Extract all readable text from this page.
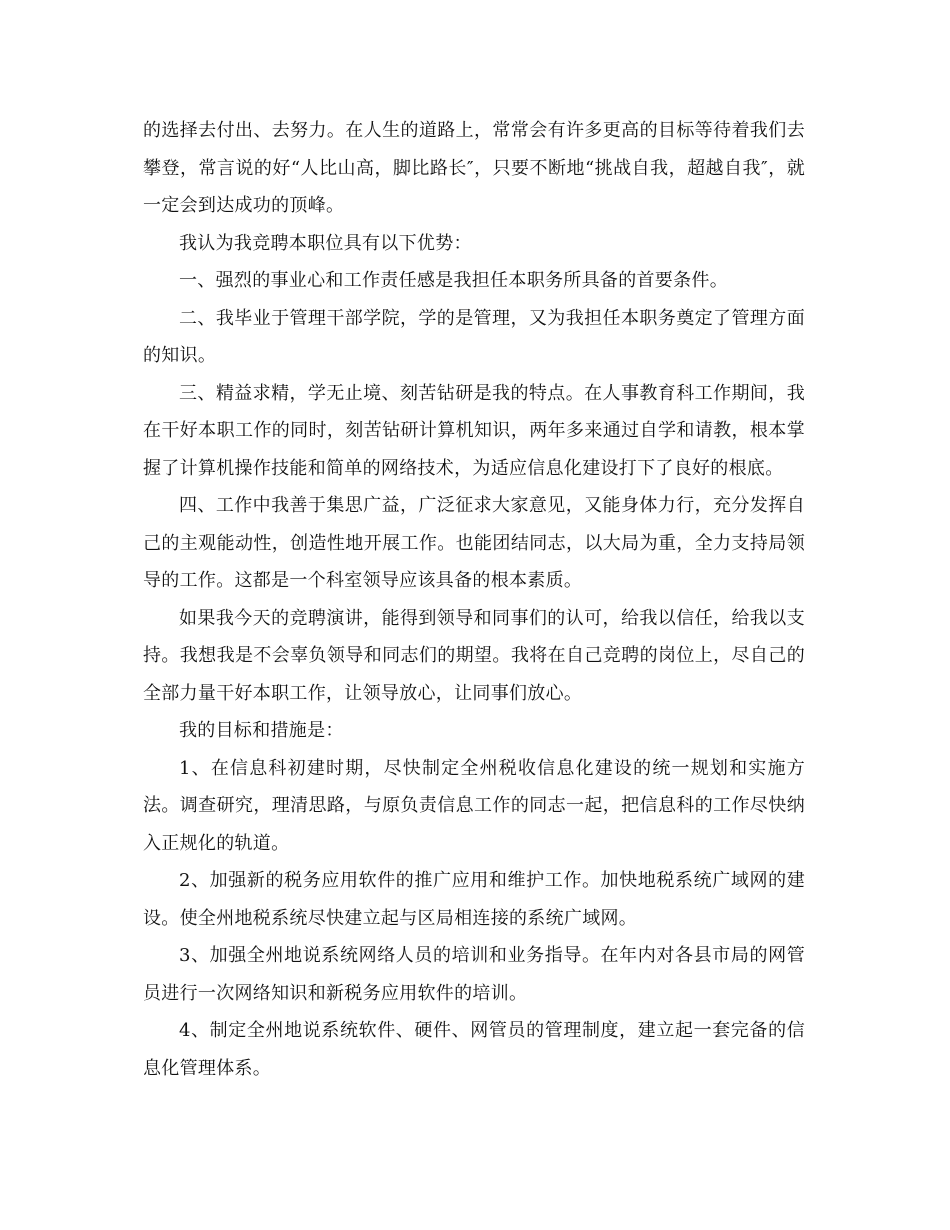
的选择去付出、去努力。在人生的道路上，常常会有许多更高的目标等待着我们去攀登，常言说的好“人比山高，脚比路长″，只要不断地“挑战自我，超越自我″，就一定会到达成功的顶峰。

我认为我竞聘本职位具有以下优势：

一、强烈的事业心和工作责任感是我担任本职务所具备的首要条件。

二、我毕业于管理干部学院，学的是管理，又为我担任本职务奠定了管理方面的知识。

三、精益求精，学无止境、刻苦钻研是我的特点。在人事教育科工作期间，我在干好本职工作的同时，刻苦钻研计算机知识，两年多来通过自学和请教，根本掌握了计算机操作技能和简单的网络技术，为适应信息化建设打下了良好的根底。

四、工作中我善于集思广益，广泛征求大家意见，又能身体力行，充分发挥自己的主观能动性，创造性地开展工作。也能团结同志，以大局为重，全力支持局领导的工作。这都是一个科室领导应该具备的根本素质。

如果我今天的竞聘演讲，能得到领导和同事们的认可，给我以信任，给我以支持。我想我是不会辜负领导和同志们的期望。我将在自己竞聘的岗位上，尽自己的全部力量干好本职工作，让领导放心，让同事们放心。

我的目标和措施是：

1、在信息科初建时期，尽快制定全州税收信息化建设的统一规划和实施方法。调查研究，理清思路，与原负责信息工作的同志一起，把信息科的工作尽快纳入正规化的轨道。

2、加强新的税务应用软件的推广应用和维护工作。加快地税系统广域网的建设。使全州地税系统尽快建立起与区局相连接的系统广域网。

3、加强全州地说系统网络人员的培训和业务指导。在年内对各县市局的网管员进行一次网络知识和新税务应用软件的培训。

4、制定全州地说系统软件、硬件、网管员的管理制度，建立起一套完备的信息化管理体系。
